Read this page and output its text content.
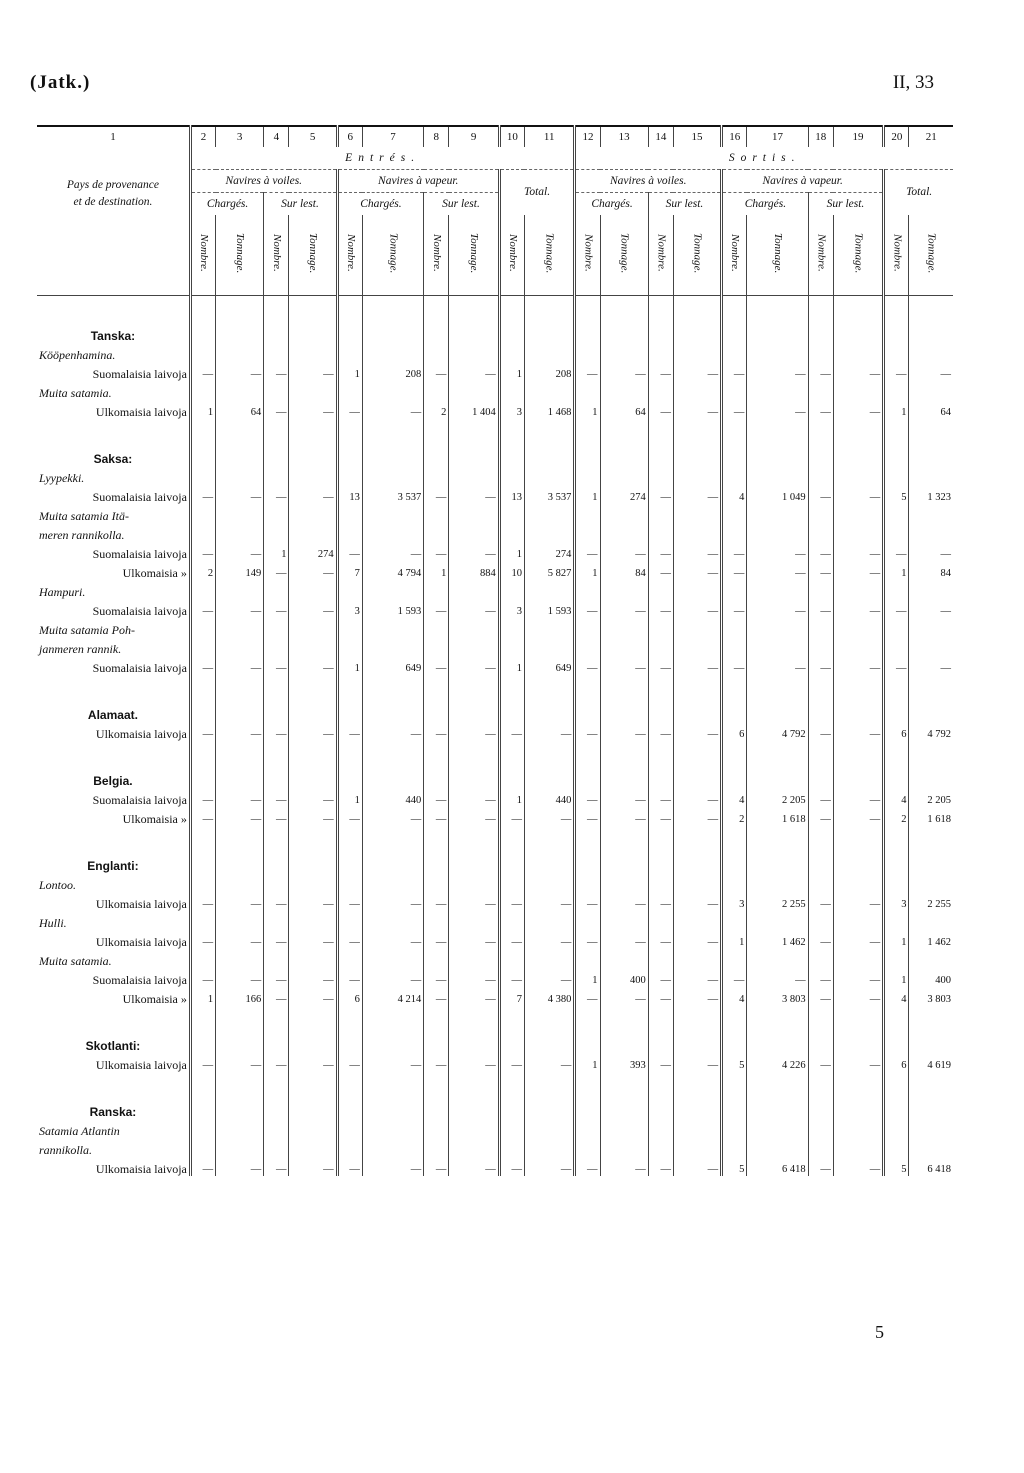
(Jatk.)	II, 33
1	2	3	4	5	6	7	8	9	10	11	12	13	14	15	16	17	18	19	20	21

Pays de provenance
et de destination.	Entrés.										Sortis.									
	Navires à voiles.				Navires à vapeur.				Total.		Navires à voiles.				Navires à vapeur.				Total.	
	Chargés.		Sur lest.		Chargés.		Sur lest.				Chargés.		Sur lest.		Chargés.		Sur lest.			
	Nombre.	Tonnage.	Nombre.	Tonnage.	Nombre.	Tonnage.	Nombre.	Tonnage.	Nombre.	Tonnage.	Nombre.	Tonnage.	Nombre.	Tonnage.	Nombre.	Tonnage.	Nombre.	Tonnage.	Nombre.	Tonnage.

Tanska:																				
Kööpenhamina.																				
Suomalaisia laivoja	—	—	—	—	1	208	—	—	1	208	—	—	—	—	—	—	—	—	—	—
Muita satamia.																				
Ulkomaisia laivoja	1	64	—	—	—	—	2	1 404	3	1 468	1	64	—	—	—	—	—	—	1	64

Saksa:																				
Lyypekki.																				
Suomalaisia laivoja	—	—	—	—	13	3 537	—	—	13	3 537	1	274	—	—	4	1 049	—	—	5	1 323
Muita satamia Itä-																				
meren rannikolla.																				
Suomalaisia laivoja	—	—	1	274	—	—	—	—	1	274	—	—	—	—	—	—	—	—	—	—
Ulkomaisia »	2	149	—	—	7	4 794	1	884	10	5 827	1	84	—	—	—	—	—	—	1	84
Hampuri.																				
Suomalaisia laivoja	—	—	—	—	3	1 593	—	—	3	1 593	—	—	—	—	—	—	—	—	—	—
Muita satamia Poh-																				
janmeren rannik.																				
Suomalaisia laivoja	—	—	—	—	1	649	—	—	1	649	—	—	—	—	—	—	—	—	—	—

Alamaat.																				
Ulkomaisia laivoja	—	—	—	—	—	—	—	—	—	—	—	—	—	—	6	4 792	—	—	6	4 792

Belgia.																				
Suomalaisia laivoja	—	—	—	—	1	440	—	—	1	440	—	—	—	—	4	2 205	—	—	4	2 205
Ulkomaisia »	—	—	—	—	—	—	—	—	—	—	—	—	—	—	2	1 618	—	—	2	1 618

Englanti:																				
Lontoo.																				
Ulkomaisia laivoja	—	—	—	—	—	—	—	—	—	—	—	—	—	—	3	2 255	—	—	3	2 255
Hulli.																				
Ulkomaisia laivoja	—	—	—	—	—	—	—	—	—	—	—	—	—	—	1	1 462	—	—	1	1 462
Muita satamia.																				
Suomalaisia laivoja	—	—	—	—	—	—	—	—	—	—	1	400	—	—	—	—	—	—	1	400
Ulkomaisia »	1	166	—	—	6	4 214	—	—	7	4 380	—	—	—	—	4	3 803	—	—	4	3 803

Skotlanti:																				
Ulkomaisia laivoja	—	—	—	—	—	—	—	—	—	—	1	393	—	—	5	4 226	—	—	6	4 619

Ranska:																				
Satamia Atlantin																				
rannikolla.																				
Ulkomaisia laivoja	—	—	—	—	—	—	—	—	—	—	—	—	—	—	5	6 418	—	—	5	6 418
5
